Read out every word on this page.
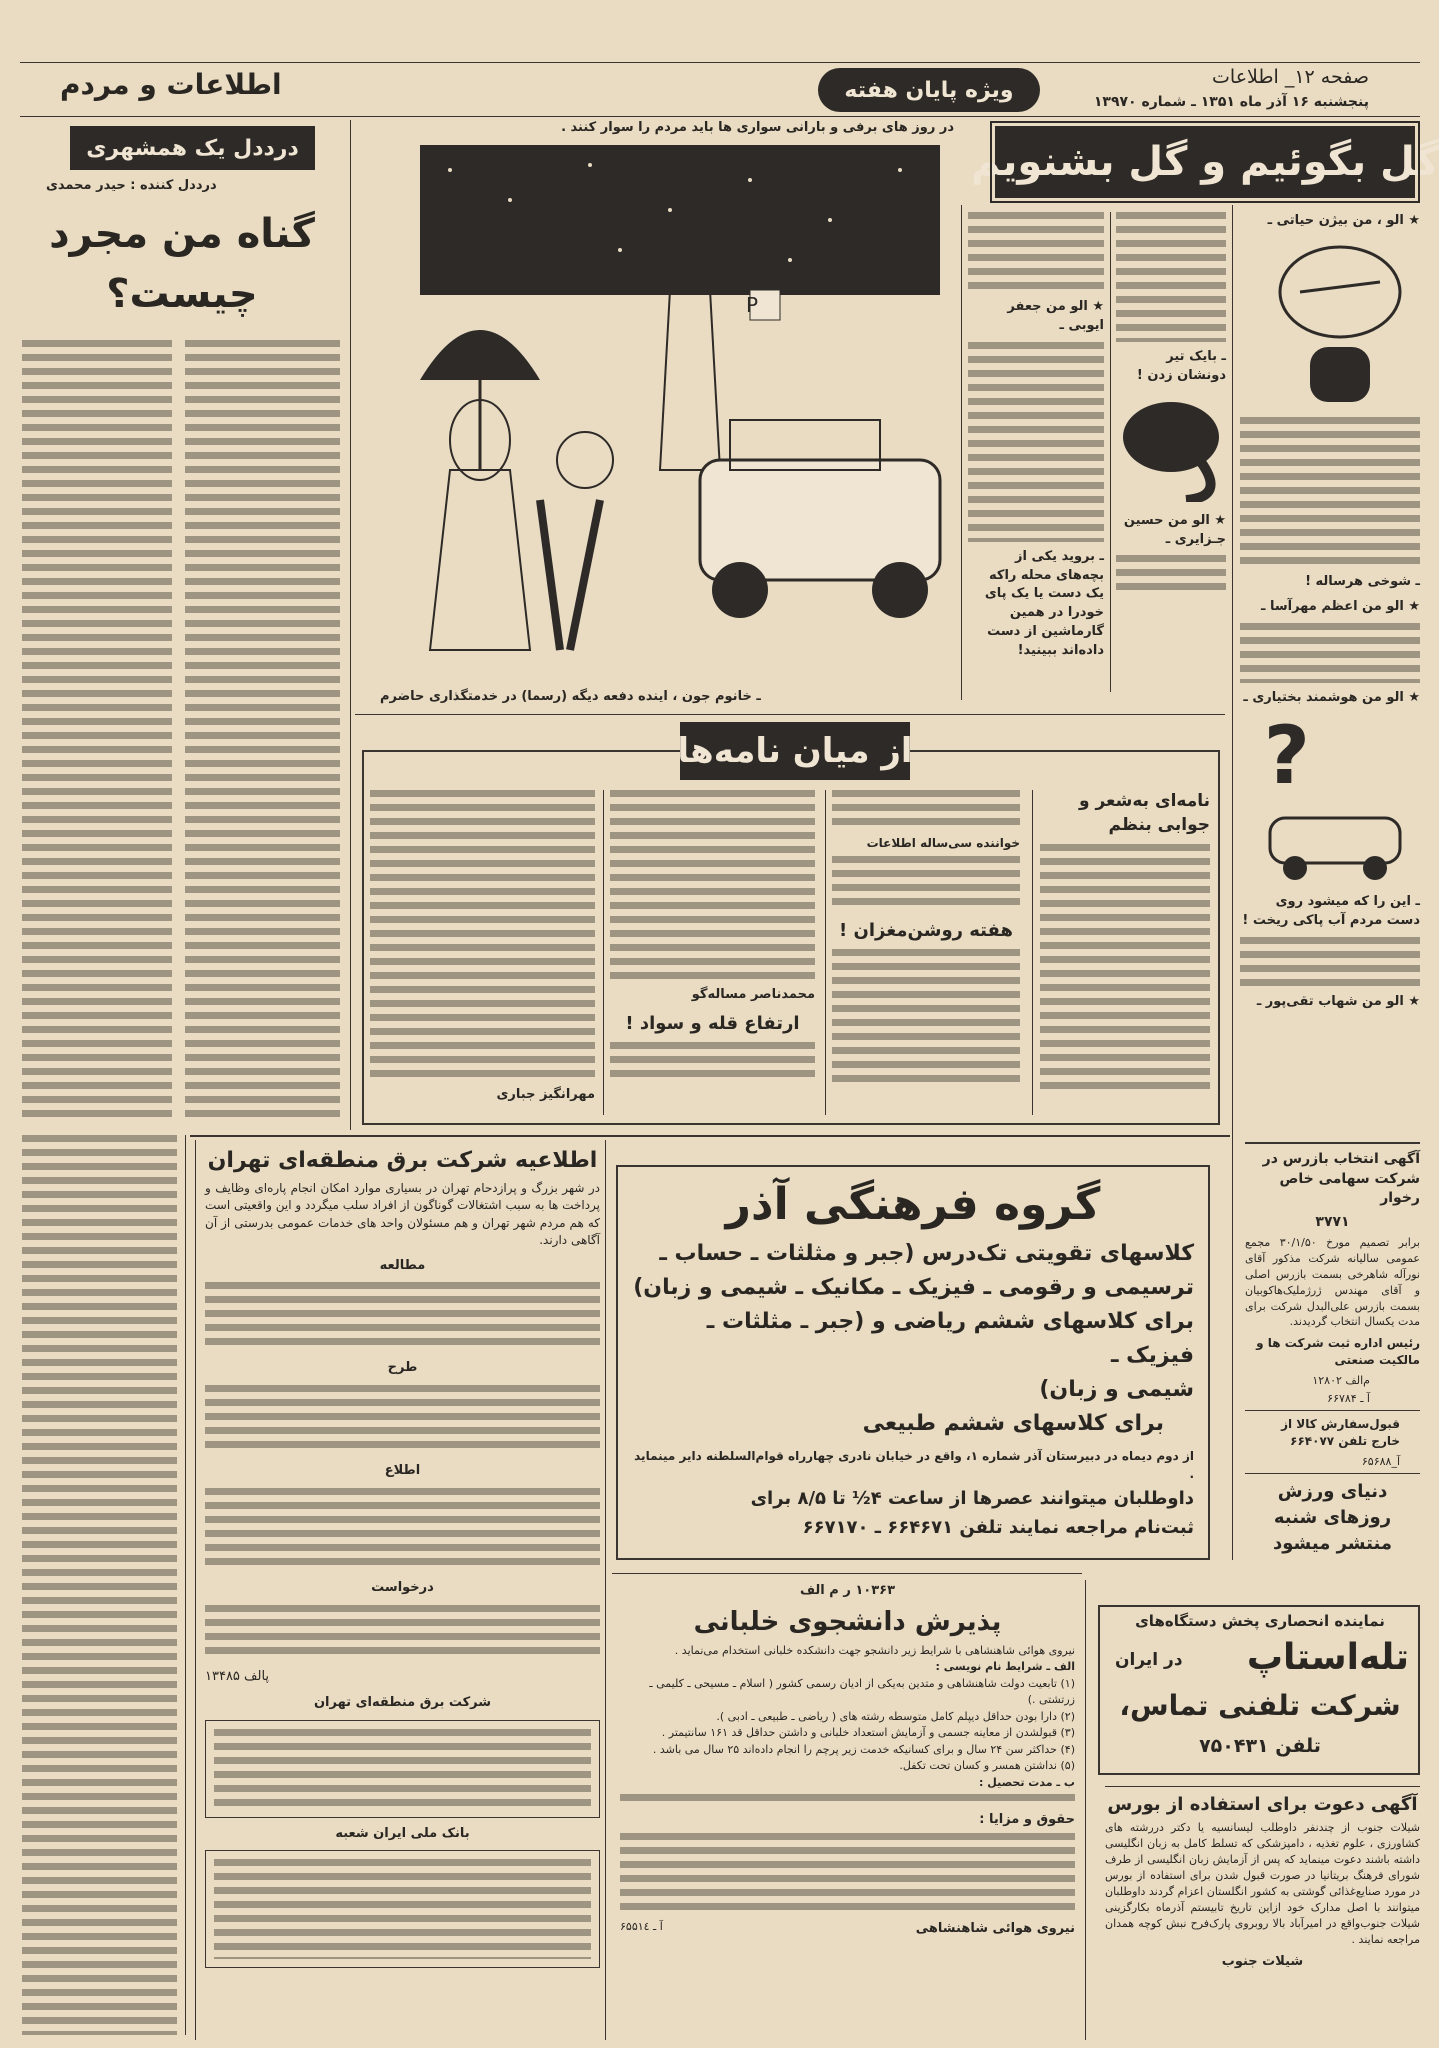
اطلاعات و مردم	ویژه پایان هفته
صفحه ۱۲_ اطلاعات
پنجشنبه ۱۶ آذر ماه ۱۳۵۱ ـ شماره ۱۳۹۷۰
درددل یک همشهری
درددل کننده : حیدر محمدی
گناه من مجرد
چیست؟
در روز های برفی و بارانی سواری ها باید مردم را سوار کنند .
P
ـ خانوم جون ، اینده دفعه دیگه (رسما) در خدمتگذاری حاضرم
گل بگوئیم و گل بشنویم
★ الو ، من بیژن حیاتی ـ
ـ شوخی هرساله !
★ الو من اعظم مهرآسا ـ
★ الو من هوشمند بختیاری ـ
?
ـ این را که میشود روی دست مردم آب پاکی ریخت !
★ الو من شهاب تقی‌پور ـ
ـ بایک تیر دونشان زدن !
★ الو من حسین جـزایری ـ
★ الو من جعفر ایوبی ـ
ـ بروید یکی از بچه‌های محله راکه یک دست یا یک پای خودرا در همین گارماشین از دست داده‌اند ببینید!
از میان نامه‌ها
نامه‌ای به‌شعر و جوابی بنظم
خواننده سی‌ساله اطلاعات
هفته روشن‌مغزان !
محمدناصر مساله‌گو
ارتفاع قله و سواد !
مهرانگیز جباری
اطلاعیه شرکت برق منطقه‌ای تهران
در شهر بزرگ و پرازدحام تهران در بسیاری موارد امکان انجام پاره‌ای وظایف و پرداخت ها به سبب اشتغالات گوناگون از افراد سلب میگردد و این واقعیتی است که هم مردم شهر تهران و هم مسئولان واحد های خدمات عمومی بدرستی از آن آگاهی دارند.
مطالعه
طرح
اطلاع
درخواست
پالف ۱۳۴۸۵
شرکت برق منطقه‌ای تهران
بانک ملی ایران شعبه
گروه فرهنگی آذر
کلاسهای تقویتی تک‌درس (جبر و مثلثات ـ حساب ـ
ترسیمی و رقومی ـ فیزیک ـ مکانیک ـ شیمی و زبان)
برای کلاسهای ششم ریاضی و (جبر ـ مثلثات ـ فیزیک ـ
شیمی و زبان)
برای کلاسهای ششم طبیعی
از دوم دیماه در دبیرستان آذر شماره ۱، واقع در خیابان نادری چهارراه قوام‌السلطنه دایر مینماید .
داوطلبان میتوانند عصرها از ساعت ۴½ تا ۸/۵ برای
ثبت‌نام مراجعه نمایند تلفن ۶۶۴۶۷۱ ـ ۶۶۷۱۷۰
آگهی انتخاب بازرس در شرکت سهامی خاص رخوار
۳۷۷۱
برابر تصمیم مورخ ۳۰/۱/۵۰ مجمع عمومی سالیانه شرکت مذکور آقای نورآله شاهرخی بسمت بازرس اصلی و آقای مهندس ژرژملیک‌هاکوبیان بسمت بازرس علی‌البدل شرکت برای مدت یکسال انتخاب گردیدند.
رئیس اداره ثبت شرکت ها و مالکیت صنعتی
م‌الف ۱۲۸۰۲
آ ـ ۶۶۷۸۴
قبول‌سفارش کالا از خارج تلفن ۶۶۴۰۷۷
آ_۶۵۶۸۸
دنیای ورزش روزهای شنبه منتشر میشود
۱۰۳۶۳ ر م الف
پذیرش دانشجوی خلبانی
نیروی هوائی شاهنشاهی با شرایط زیر دانشجو جهت دانشکده خلبانی استخدام می‌نماید .
الف ـ شرایط نام نویسی :
(۱) تابعیت دولت شاهنشاهی و متدین به‌یکی از ادیان رسمی کشور ( اسلام ـ مسیحی ـ کلیمی ـ زرتشتی .)
(۲) دارا بودن حداقل دیپلم کامل متوسطه رشته های ( ریاضی ـ طبیعی ـ ادبی ).
(۳) قبولشدن از معاینه جسمی و آزمایش استعداد خلبانی و داشتن حداقل قد ۱۶۱ سانتیمتر .
(۴) حداکثر سن ۲۴ سال و برای کسانیکه خدمت زیر پرچم را انجام داده‌اند ۲۵ سال می باشد .
(۵) نداشتن همسر و کسان تحت تکفل.
ب ـ مدت تحصیل :
حقوق و مزایا :
نیروی هوائی شاهنشاهی
آ ـ ۶۵۵۱٤
نماینده انحصاری پخش دستگاه‌های
تله‌استاپ
در ایران
شرکت تلفنی تماس،
تلفن ۷۵۰۴۳۱
آگهی دعوت برای استفاده از بورس
شیلات جنوب از چندنفر داوطلب لیسانسیه یا دکتر دررشته های کشاورزی ، علوم تغذیه ، دامپزشکی که تسلط کامل به زبان انگلیسی داشته باشند دعوت مینماید که پس از آزمایش زبان انگلیسی از طرف شورای فرهنگ بریتانیا در صورت قبول شدن برای استفاده از بورس در مورد صنایع‌غذائی گوشتی به کشور انگلستان اعزام گردند داوطلبان میتوانند با اصل مدارک خود ازاین تاریخ تابیستم آذرماه بکارگزینی شیلات جنوب‌واقع در امیرآباد بالا روبروی پارک‌فرح نبش کوچه همدان مراجعه نمایند .
شیلات جنوب
